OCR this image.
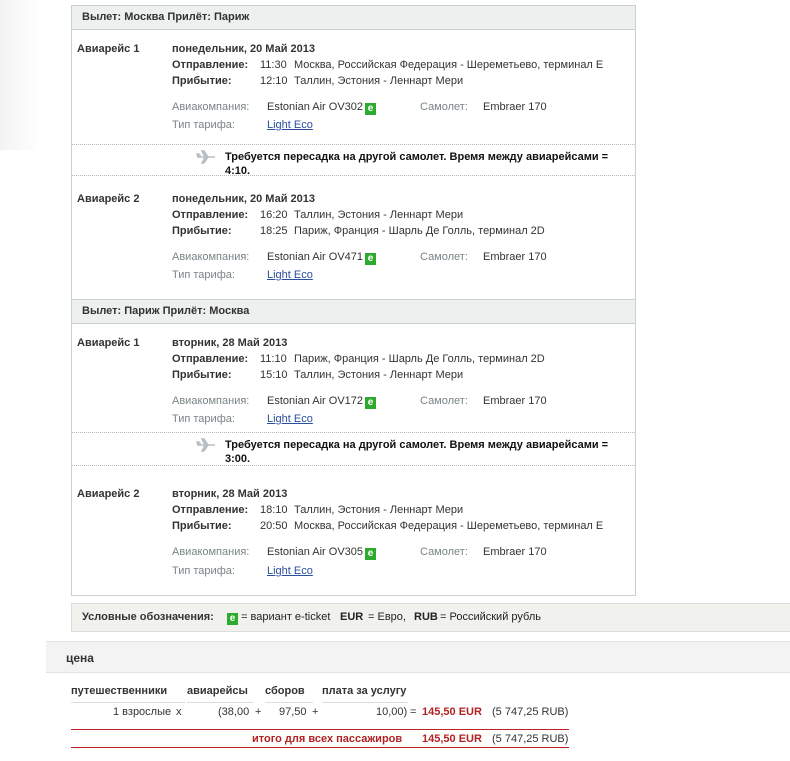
Вылет: Москва Прилёт: Париж
Авиарейс 1	понедельник, 20 Май 2013
Отправление: 11:30 Москва, Российская Федерация - Шереметьево, терминал E
Прибытие:	12:10 Таллин, Эстония - Леннарт Мери
Авиакомпания: Estonian Air OV302 e	Самолет: Embraer 170
Тип тарифа:	Light Eco
Требуется пересадка на другой самолет. Время между авиарейсами = 4:10.
Авиарейс 2	понедельник, 20 Май 2013
Отправление: 16:20 Таллин, Эстония - Леннарт Мери
Прибытие:	18:25 Париж, Франция - Шарль Де Голль, терминал 2D
Авиакомпания: Estonian Air OV471 e	Самолет: Embraer 170
Тип тарифа:	Light Eco
Вылет: Париж Прилёт: Москва
Авиарейс 1	вторник, 28 Май 2013
Отправление: 11:10 Париж, Франция - Шарль Де Голль, терминал 2D
Прибытие:	15:10 Таллин, Эстония - Леннарт Мери
Авиакомпания: Estonian Air OV172 e	Самолет: Embraer 170
Тип тарифа:	Light Eco
Требуется пересадка на другой самолет. Время между авиарейсами = 3:00.
Авиарейс 2	вторник, 28 Май 2013
Отправление: 18:10 Таллин, Эстония - Леннарт Мери
Прибытие:	20:50 Москва, Российская Федерация - Шереметьево, терминал E
Авиакомпания: Estonian Air OV305 e	Самолет: Embraer 170
Тип тарифа:	Light Eco
Условные обозначения: e = вариант e-ticket EUR = Евро, RUB = Российский рубль
цена
путешественники авиарейсы сборов плата за услугу
1 взрослые x	(38,00 + 97,50 +	10,00) = 145,50 EUR (5 747,25 RUB)
итого для всех пассажиров 145,50 EUR (5 747,25 RUB)
